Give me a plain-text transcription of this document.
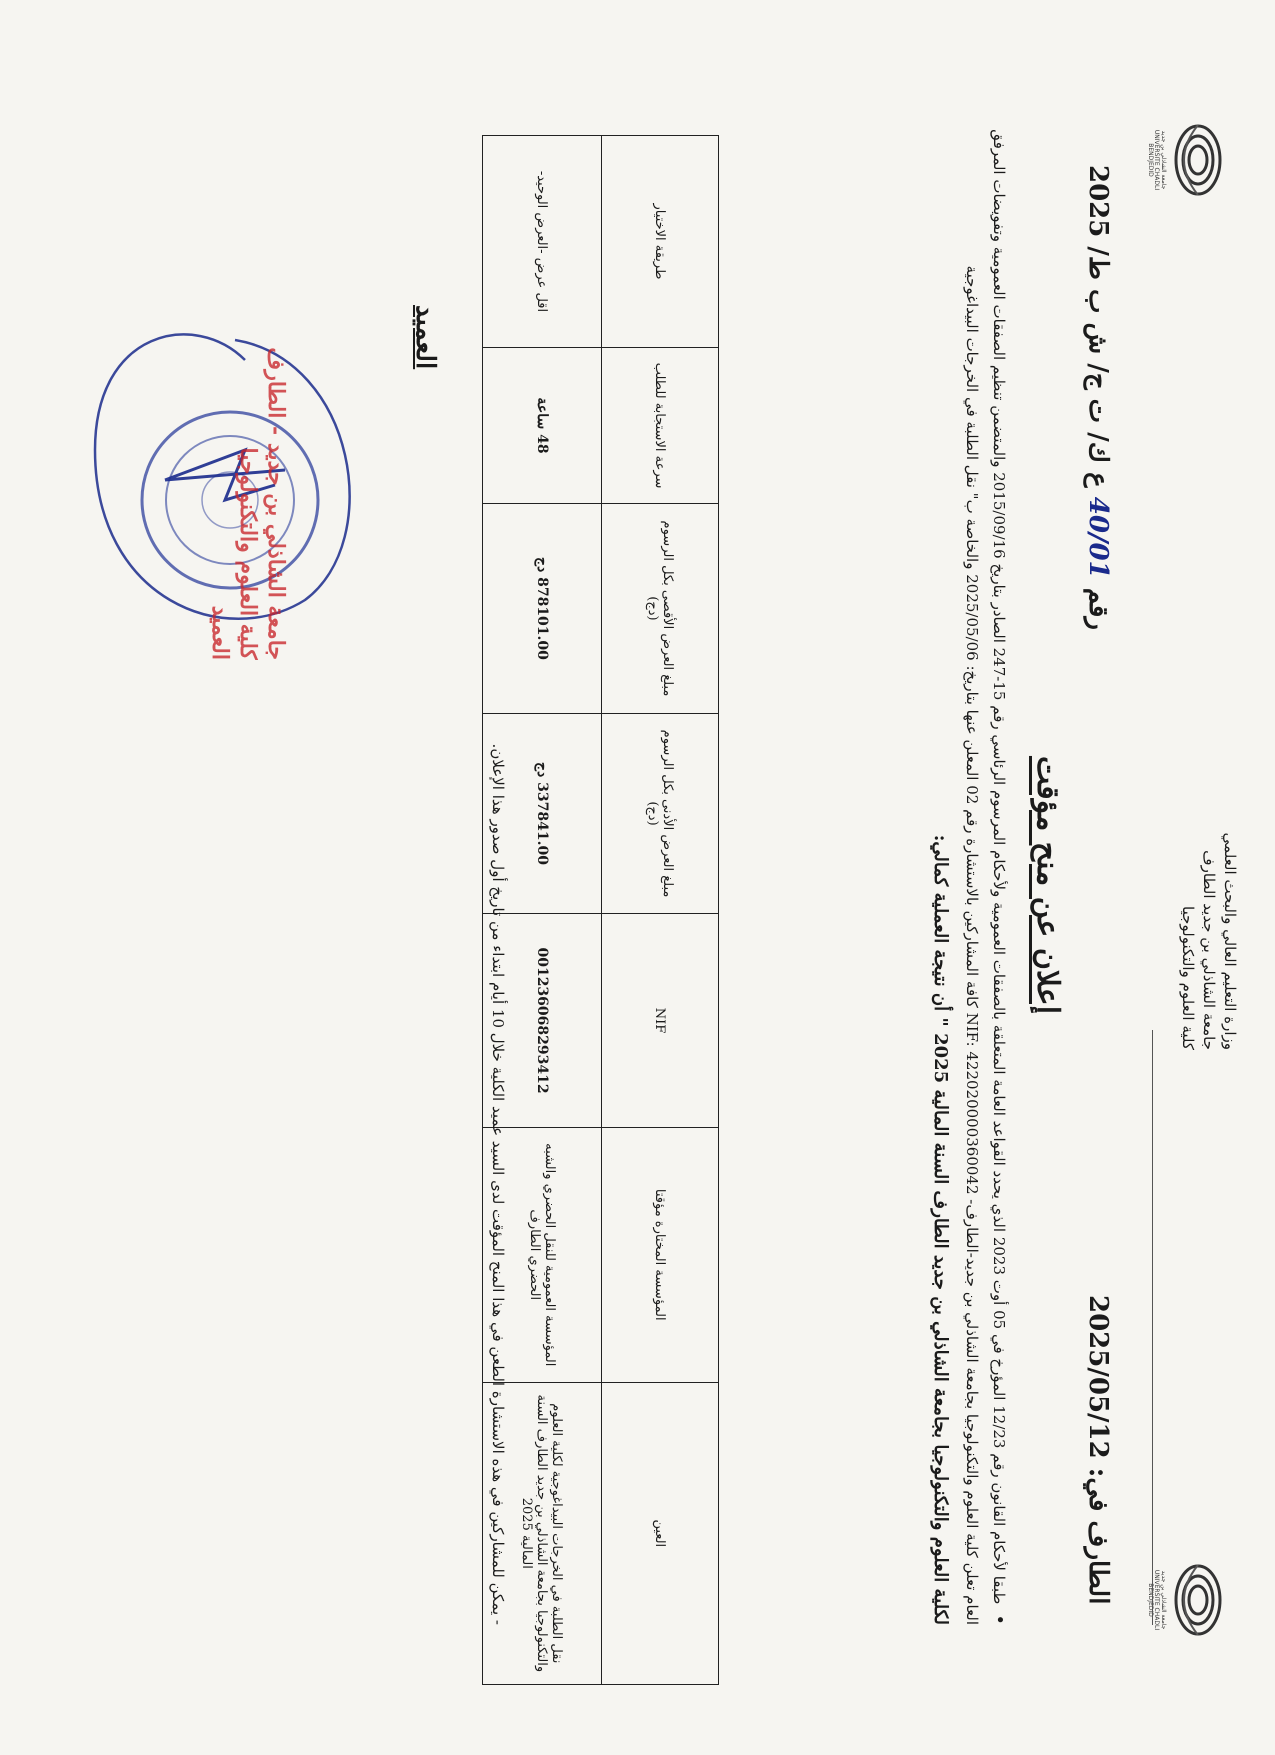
جامعة الشاذلي بن جديد
UNIVERSITE CHADLI BENDJEDID
جامعة الشاذلي بن جديد
UNIVERSITE CHADLI BENDJEDID
وزارة التعليم العالي والبحث العلمي
جامعة الشاذلي بن جديد الطارف
كلية العلوم والتكنولوجيا
رقم 40/01 ع ك/ ت ج/ ش ب ط/ 2025
الطارف في: 2025/05/12
إعلان عن منح مؤقت
•طبقا لأحكام القانون رقم 12/23 المؤرخ في 05 أوت 2023 الذي يحدد القواعد العامة المتعلقة بالصفقات العمومية ولأحكام المرسوم الرئاسي رقم 15-247 الصادر بتاريخ 2015/09/16 والمتضمن تنظيم الصفقات العمومية وتفويضات المرفق
العام تعلن كلية العلوم والتكنولوجيا بجامعة الشاذلي بن جديد-الطارف- NIF: 422020000360042 كافة المشاركين بالاستشارة رقم 02 المعلن عنها بتاريخ: 2025/05/06 والخاصة ب" نقل الطلبة في الخرجات البيداغوجية
لكلية العلوم والتكنولوجيا بجامعة الشاذلي بن جديد الطارف السنة المالية 2025 " أن نتيجة العملية كمالي:
العين	المؤسسة المختارة مؤقتا	NIF	مبلغ العرض الأدنى بكل الرسوم (دج)	مبلغ العرض الأقصى بكل الرسوم (دج)	سرعة الاستجابة للطلب	طريقة الاختيار
نقل الطلبة في الخرجات البيداغوجية لكلية العلوم والتكنولوجيا بجامعة الشاذلي بن جديد الطارف السنة المالية 2025	المؤسسة العمومية للنقل الحضري والشبه الحضري الطارف	001236068293412	337841.00 دج	878101.00 دج	48 ساعة	اقل عرض -العرض الوحيد-
- يمكن للمشاركين في هذه الاستشارة الطعن في هذا المنح المؤقت لدى السيد عميد الكلية خلال 10 أيام ابتداء من تاريخ أول صدور هذا الإعلان.
العميد
جامعة الشاذلي بن جديد - الطارف
كلية العلوم والتكنولوجيا
العميد
